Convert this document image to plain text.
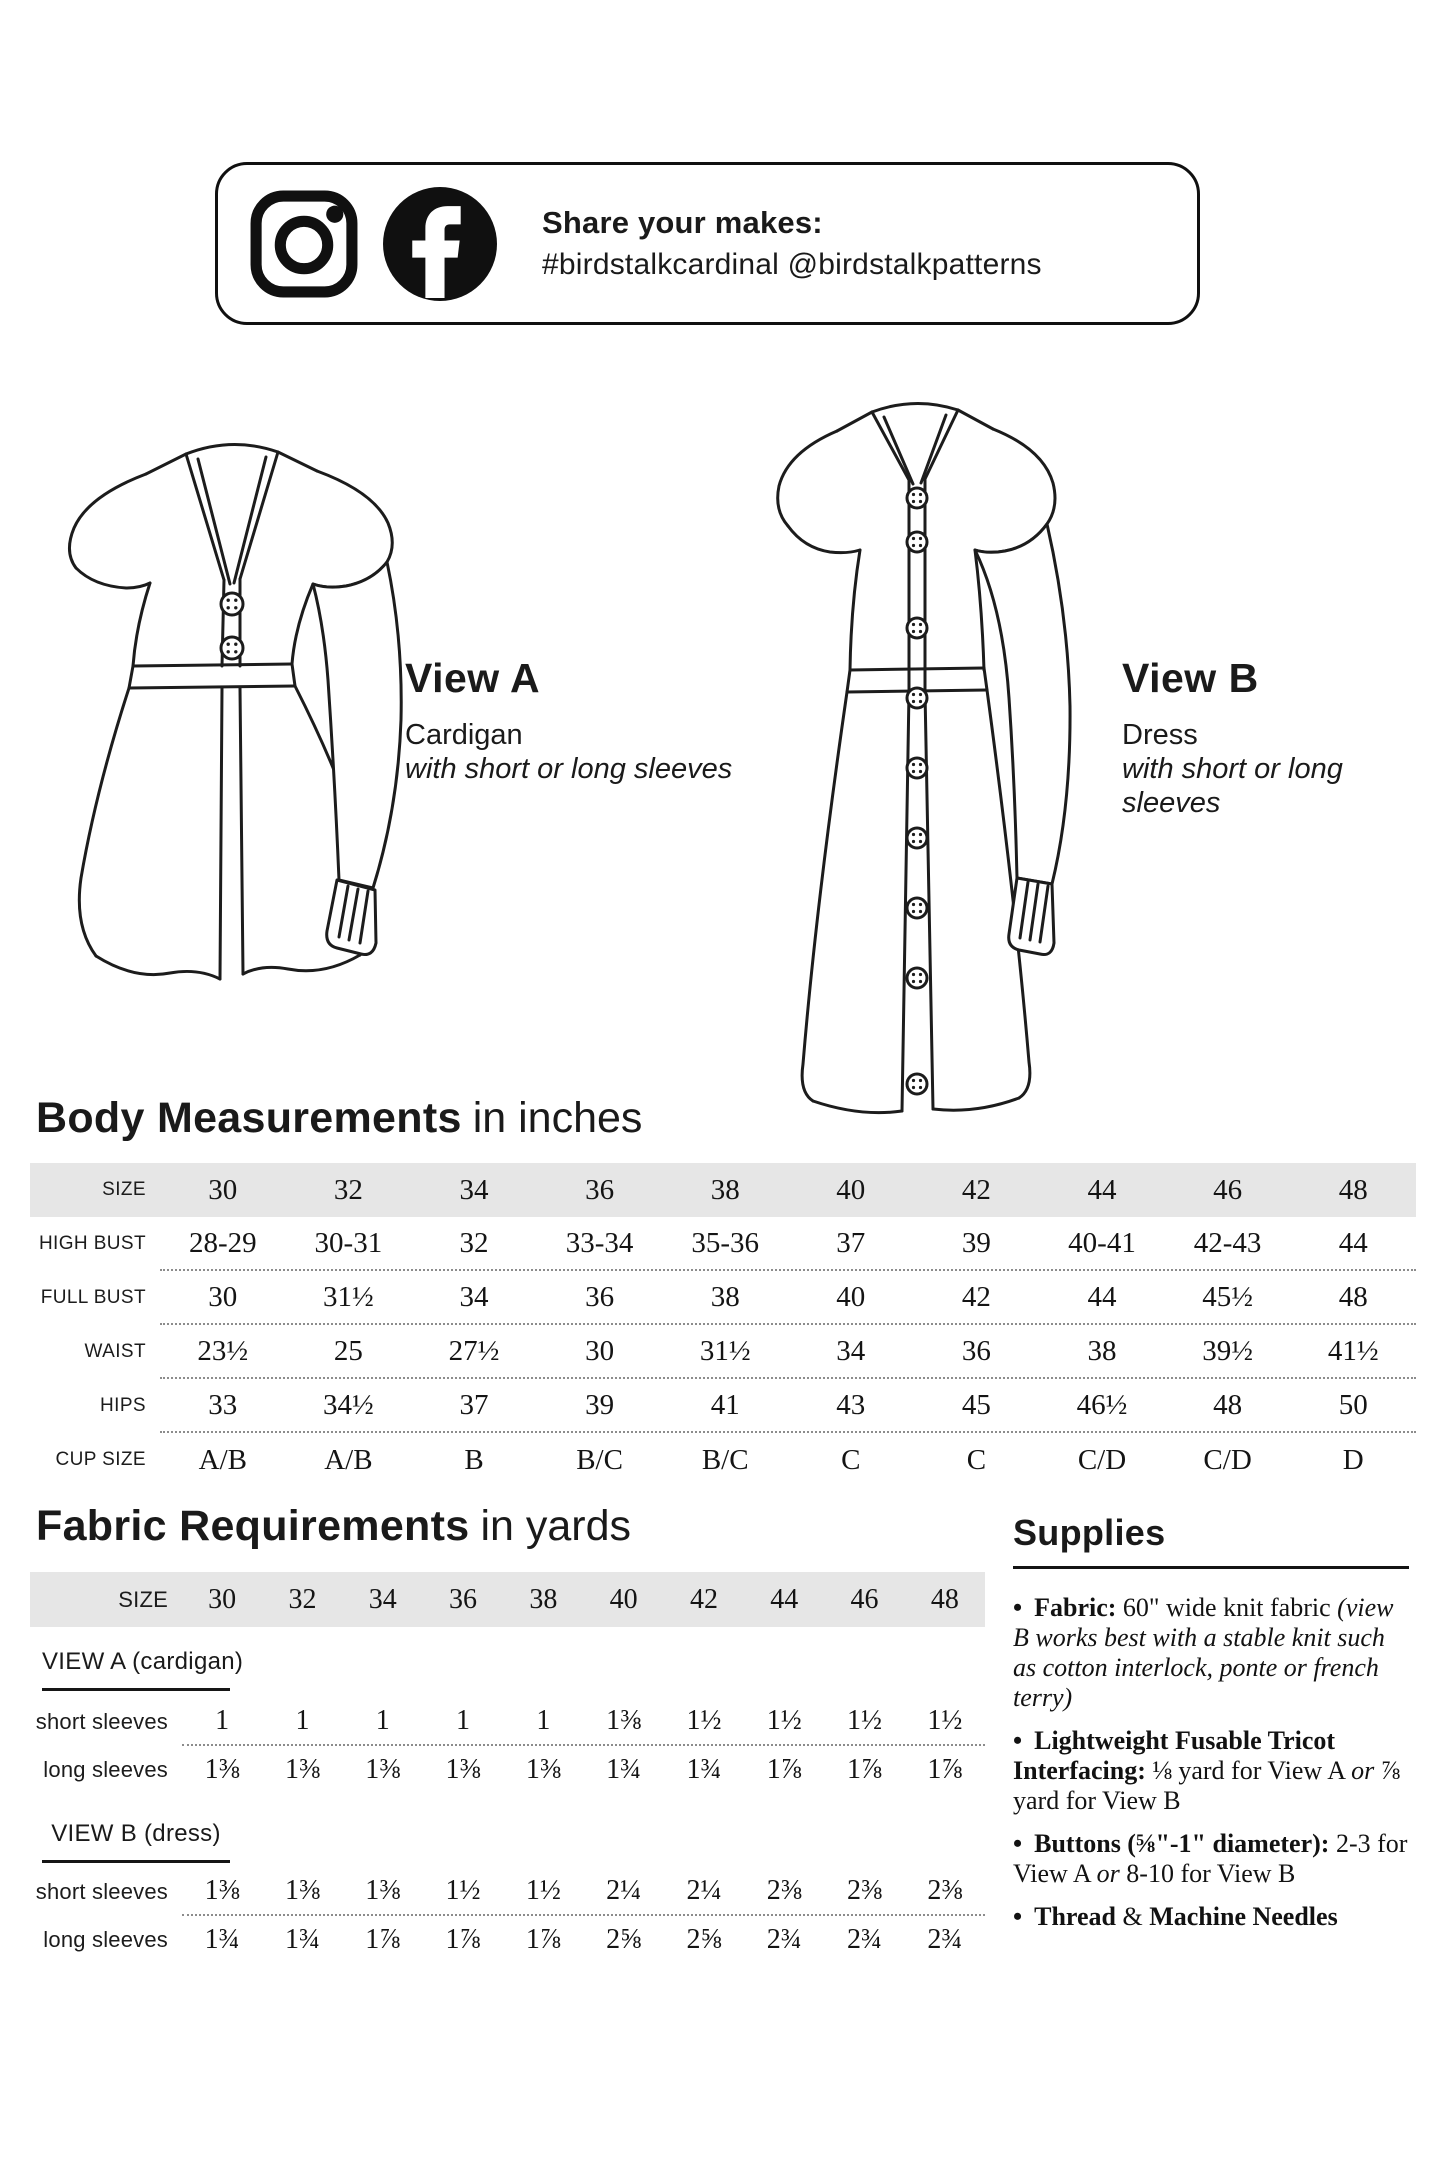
Share your makes:
#birdstalkcardinal @birdstalkpatterns
View A
Cardigan
with short or long sleeves
View B
Dress
with short or long sleeves
Body Measurements in inches
SIZE	30	32	34	36	38	40	42	44	46	48
HIGH BUST	28-29	30-31	32	33-34	35-36	37	39	40-41	42-43	44
FULL BUST	30	31½	34	36	38	40	42	44	45½	48
WAIST	23½	25	27½	30	31½	34	36	38	39½	41½
HIPS	33	34½	37	39	41	43	45	46½	48	50
CUP SIZE	A/B	A/B	B	B/C	B/C	C	C	C/D	C/D	D
Fabric Requirements in yards
SIZE	30	32	34	36	38	40	42	44	46	48
VIEW A (cardigan)
short sleeves	1	1	1	1	1	1⅜	1½	1½	1½	1½
long sleeves	1⅜	1⅜	1⅜	1⅜	1⅜	1¾	1¾	1⅞	1⅞	1⅞
VIEW B (dress)
short sleeves	1⅜	1⅜	1⅜	1½	1½	2¼	2¼	2⅜	2⅜	2⅜
long sleeves	1¾	1¾	1⅞	1⅞	1⅞	2⅝	2⅝	2¾	2¾	2¾
Supplies
• Fabric: 60" wide knit fabric (view B works best with a stable knit such as cotton interlock, ponte or french terry)
• Lightweight Fusable Tricot Interfacing: ⅛ yard for View A or ⅞ yard for View B
• Buttons (⅝"-1" diameter): 2-3 for View A or 8-10 for View B
• Thread & Machine Needles
